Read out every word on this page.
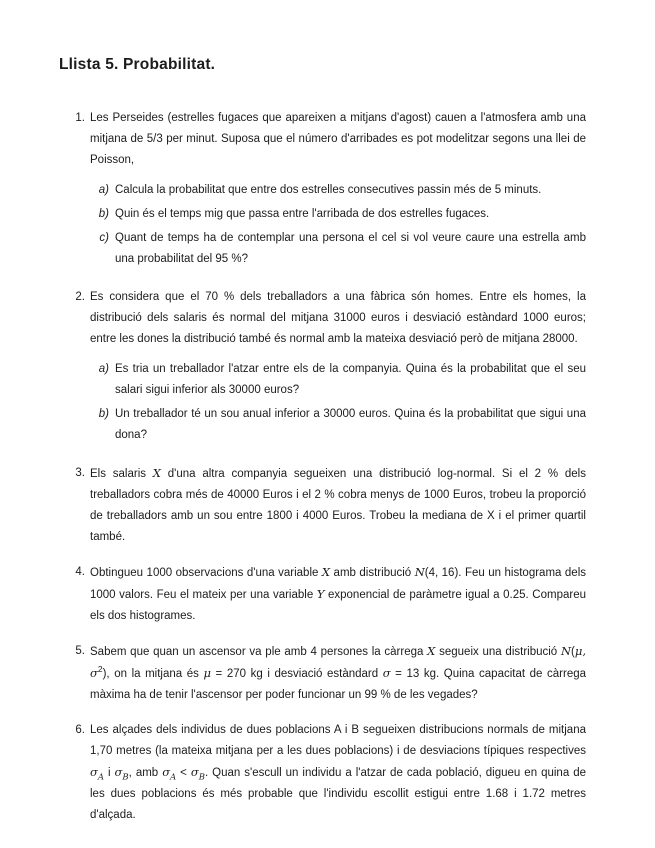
Llista 5. Probabilitat.
1. Les Perseides (estrelles fugaces que apareixen a mitjans d'agost) cauen a l'atmosfera amb una mitjana de 5/3 per minut. Suposa que el número d'arribades es pot modelitzar segons una llei de Poisson,

a) Calcula la probabilitat que entre dos estrelles consecutives passin més de 5 minuts.

b) Quin és el temps mig que passa entre l'arribada de dos estrelles fugaces.

c) Quant de temps ha de contemplar una persona el cel si vol veure caure una estrella amb una probabilitat del 95 %?

2. Es considera que el 70 % dels treballadors a una fàbrica són homes. Entre els homes, la distribució dels salaris és normal del mitjana 31000 euros i desviació estàndard 1000 euros; entre les dones la distribució també és normal amb la mateixa desviació però de mitjana 28000.

a) Es tria un treballador l'atzar entre els de la companyia. Quina és la probabilitat que el seu salari sigui inferior als 30000 euros?

b) Un treballador té un sou anual inferior a 30000 euros. Quina és la probabilitat que sigui una dona?

3. Els salaris X d'una altra companyia segueixen una distribució log-normal. Si el 2 % dels treballadors cobra més de 40000 Euros i el 2 % cobra menys de 1000 Euros, trobeu la proporció de treballadors amb un sou entre 1800 i 4000 Euros. Trobeu la mediana de X i el primer quartil també.

4. Obtingueu 1000 observacions d'una variable X amb distribució N(4, 16). Feu un histograma dels 1000 valors. Feu el mateix per una variable Y exponencial de paràmetre igual a 0.25. Compareu els dos histogrames.

5. Sabem que quan un ascensor va ple amb 4 persones la càrrega X segueix una distribució N(μ, $\sigma^2$), on la mitjana és μ = 270 kg i desviació estàndard σ = 13 kg. Quina capacitat de càrrega màxima ha de tenir l'ascensor per poder funcionar un 99 % de les vegades?

6. Les alçades dels individus de dues poblacions A i B segueixen distribucions normals de mitjana 1,70 metres (la mateixa mitjana per a les dues poblacions) i de desviacions típiques respectives $\sigma_A$ i $\sigma_B$, amb $\sigma_A < \sigma_B$. Quan s'escull un individu a l'atzar de cada població, digueu en quina de les dues poblacions és més probable que l'individu escollit estigui entre 1.68 i 1.72 metres d'alçada.
